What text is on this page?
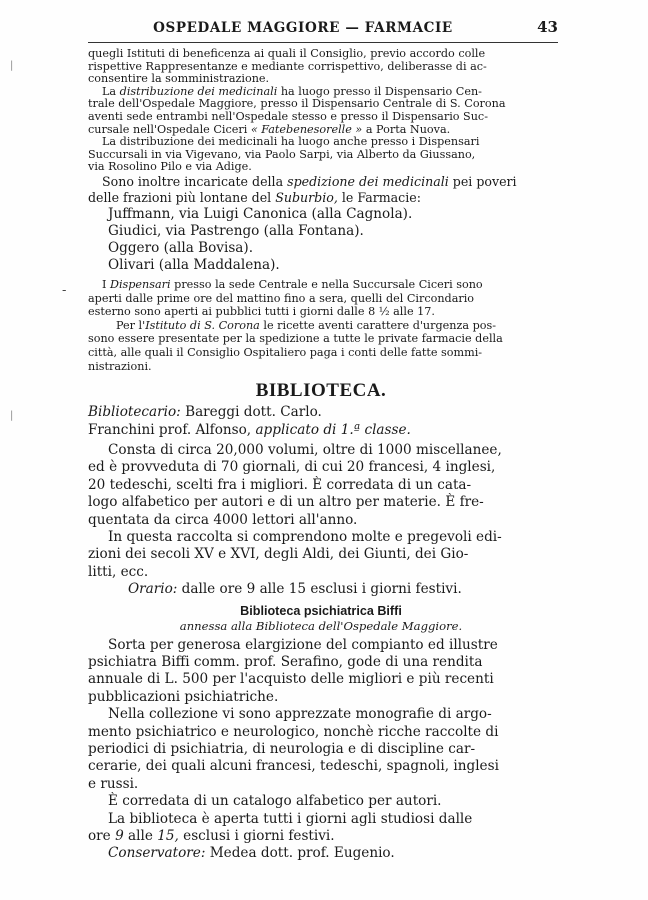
OSPEDALE MAGGIORE — FARMACIE	43
-
|
|

quegli Istituti di beneficenza ai quali il Consiglio, previo accordo colle
rispettive Rappresentanze e mediante corrispettivo, deliberasse di ac-
consentire la somministrazione.

La distribuzione dei medicinali ha luogo presso il Dispensario Cen-
trale dell'Ospedale Maggiore, presso il Dispensario Centrale di S. Corona
aventi sede entrambi nell'Ospedale stesso e presso il Dispensario Suc-
cursale nell'Ospedale Ciceri « Fatebenesorelle » a Porta Nuova.
La distribuzione dei medicinali ha luogo anche presso i Dispensari
Succursali in via Vigevano, via Paolo Sarpi, via Alberto da Giussano,
via Rosolino Pilo e via Adige.

Sono inoltre incaricate della spedizione dei medicinali pei poveri
delle frazioni più lontane del Suburbio, le Farmacie:

Juffmann, via Luigi Canonica (alla Cagnola).

Giudici, via Pastrengo (alla Fontana).

Oggero (alla Bovisa).

Olivari (alla Maddalena).

I Dispensari presso la sede Centrale e nella Succursale Ciceri sono
aperti dalle prime ore del mattino fino a sera, quelli del Circondario
esterno sono aperti ai pubblici tutti i giorni dalle 8 ½ alle 17.
Per l'Istituto di S. Corona le ricette aventi carattere d'urgenza pos-
sono essere presentate per la spedizione a tutte le private farmacie della
città, alle quali il Consiglio Ospitaliero paga i conti delle fatte sommi-
nistrazioni.

BIBLIOTECA.

Bibliotecario: Bareggi dott. Carlo.

Franchini prof. Alfonso, applicato di 1.ª classe.

Consta di circa 20,000 volumi, oltre di 1000 miscellanee,
ed è provveduta di 70 giornali, di cui 20 francesi, 4 inglesi,
20 tedeschi, scelti fra i migliori. È corredata di un cata-
logo alfabetico per autori e di un altro per materie. È fre-
quentata da circa 4000 lettori all'anno.

In questa raccolta si comprendono molte e pregevoli edi-
zioni dei secoli XV e XVI, degli Aldi, dei Giunti, dei Gio-
litti, ecc.

Orario: dalle ore 9 alle 15 esclusi i giorni festivi.

Biblioteca psichiatrica Biffi
annessa alla Biblioteca dell'Ospedale Maggiore.

Sorta per generosa elargizione del compianto ed illustre
psichiatra Biffi comm. prof. Serafino, gode di una rendita
annuale di L. 500 per l'acquisto delle migliori e più recenti
pubblicazioni psichiatriche.

Nella collezione vi sono apprezzate monografie di argo-
mento psichiatrico e neurologico, nonchè ricche raccolte di
periodici di psichiatria, di neurologia e di discipline car-
cerarie, dei quali alcuni francesi, tedeschi, spagnoli, inglesi
e russi.

È corredata di un catalogo alfabetico per autori.

La biblioteca è aperta tutti i giorni agli studiosi dalle
ore 9 alle 15, esclusi i giorni festivi.

Conservatore: Medea dott. prof. Eugenio.
